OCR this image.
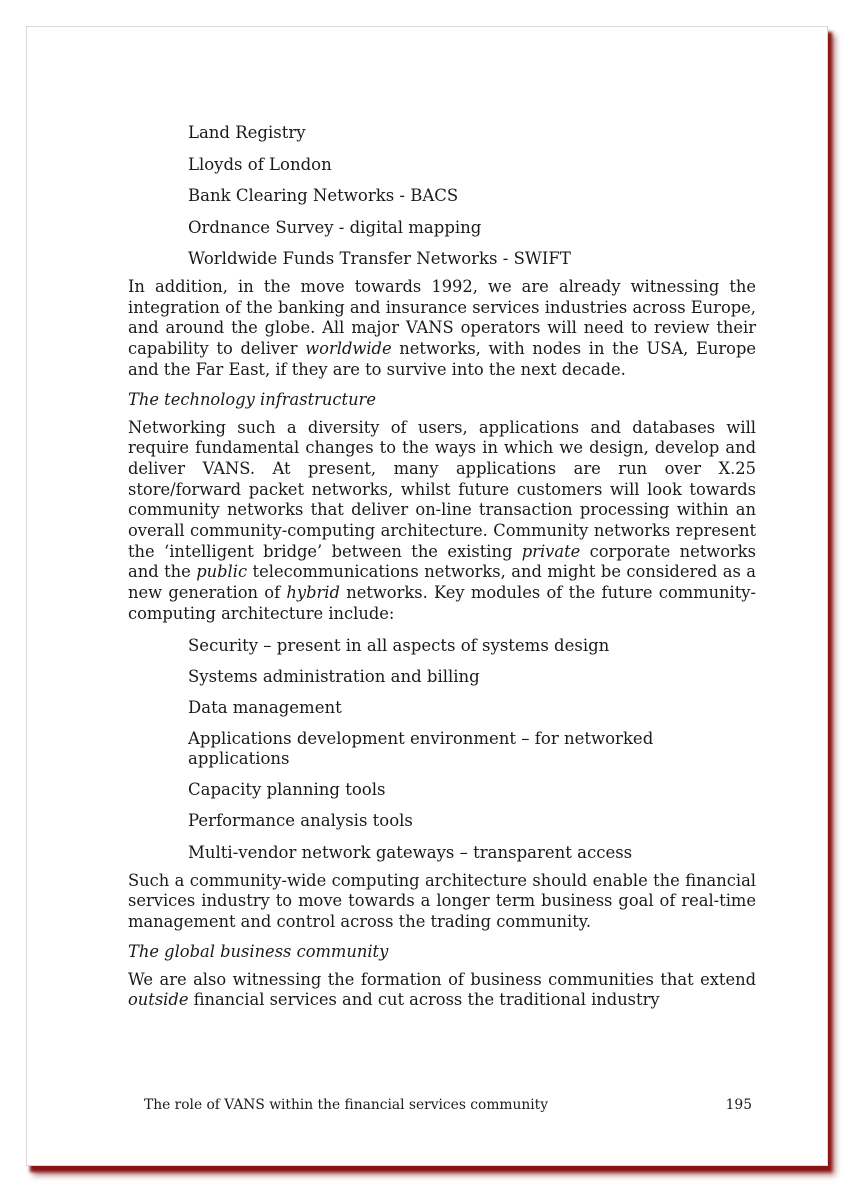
Land Registry
Lloyds of London
Bank Clearing Networks - BACS
Ordnance Survey - digital mapping
Worldwide Funds Transfer Networks - SWIFT

In addition, in the move towards 1992, we are already witnessing the integration of the banking and insurance services industries across Europe, and around the globe. All major VANS operators will need to review their capability to deliver worldwide networks, with nodes in the USA, Europe and the Far East, if they are to survive into the next decade.

The technology infrastructure

Networking such a diversity of users, applications and databases will require fundamental changes to the ways in which we design, develop and deliver VANS. At present, many applications are run over X.25 store/forward packet networks, whilst future customers will look towards community networks that deliver on-line transaction processing within an overall community-computing architecture. Community networks represent the ‘intelligent bridge’ between the existing private corporate networks and the public telecommunications networks, and might be considered as a new generation of hybrid networks. Key modules of the future community-computing architecture include:

Security – present in all aspects of systems design
Systems administration and billing
Data management
Applications development environment – for networked applications
Capacity planning tools
Performance analysis tools
Multi-vendor network gateways – transparent access

Such a community-wide computing architecture should enable the financial services industry to move towards a longer term business goal of real-time management and control across the trading community.

The global business community

We are also witnessing the formation of business communities that extend outside financial services and cut across the traditional industry

The role of VANS within the financial services community	195
